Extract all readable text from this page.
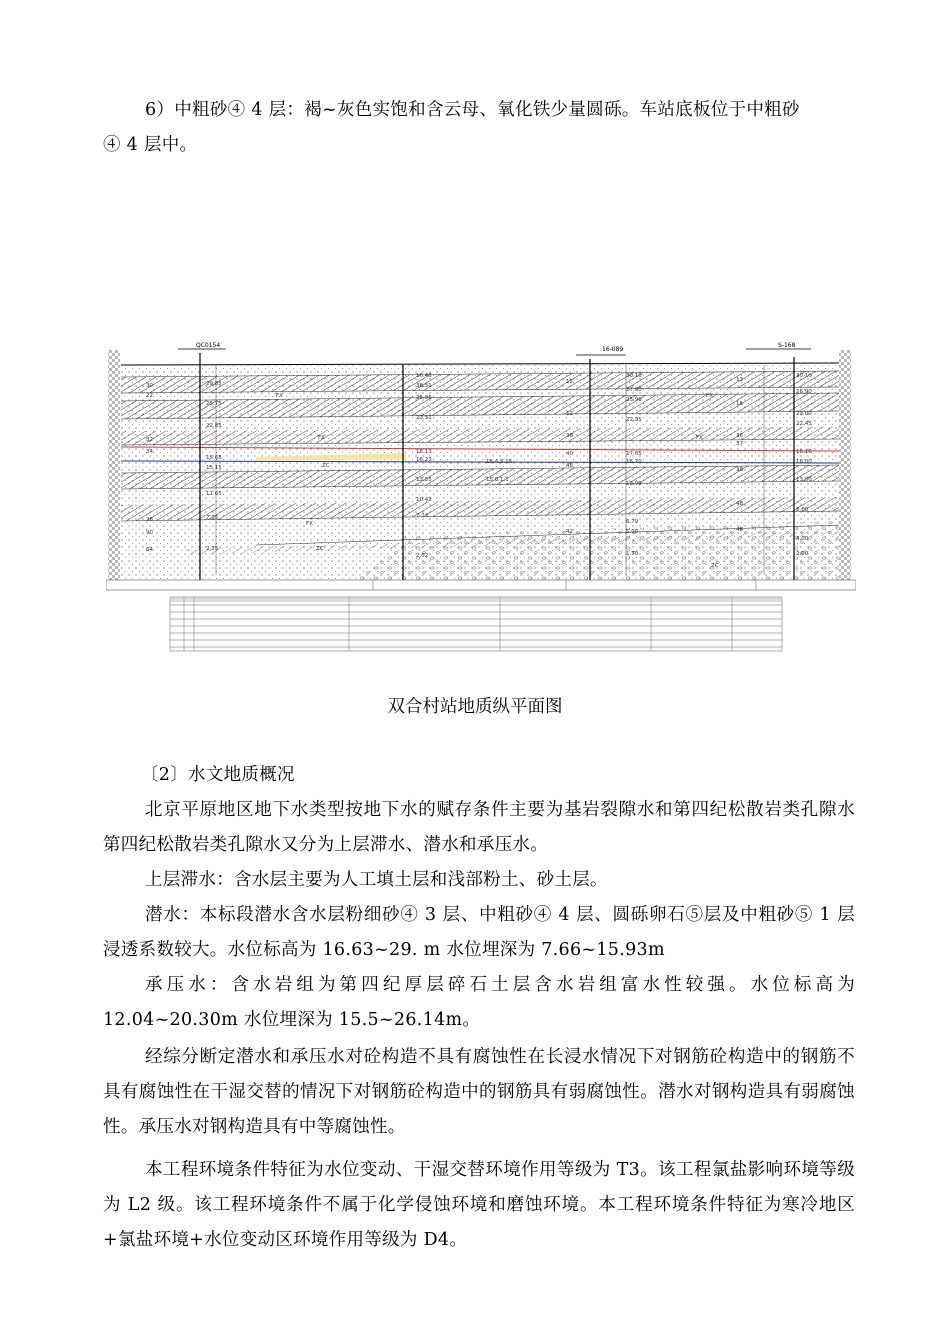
6）中粗砂④ 4 层：褐~灰色实饱和含云母、氧化铁少量圆砾。车站底板位于中粗砂
④ 4 层中。

QC0154
16-089
S-168
29.85
25.75
22.85
15.65
15.15
11.65
7.35
2.25
30
22
32
34
28
90
64
16.43
38.51
25.06
23.51
16.13
16.23
13.55
10.42
7.23
2.02
30.10
27.60
25.90
22.95
17.05
16.70
12.90
6.70
5.00
1.70
30.10
26.90
23.00
22.45
16.16
16.00
13.50
8.60
4.00
2.00
12
12
38
40
46
42
13
16
36
37
38
48
48
FX
FX
ZC
FX
ZC
FX
FX
ZC
16.4.5.15
15.6.1.1
双合村站地质纵平面图

〔2〕水文地质概况

北京平原地区地下水类型按地下水的赋存条件主要为基岩裂隙水和第四纪松散岩类孔隙水第四纪松散岩类孔隙水又分为上层滞水、潜水和承压水。

上层滞水：含水层主要为人工填土层和浅部粉土、砂土层。

潜水：本标段潜水含水层粉细砂④ 3 层、中粗砂④ 4 层、圆砾卵石⑤层及中粗砂⑤ 1 层浸透系数较大。水位标高为 16.63~29. m 水位埋深为 7.66~15.93m

承压水：含水岩组为第四纪厚层碎石土层含水岩组富水性较强。水位标高为 12.04~20.30m 水位埋深为 15.5~26.14m。

经综分断定潜水和承压水对砼构造不具有腐蚀性在长浸水情况下对钢筋砼构造中的钢筋不具有腐蚀性在干湿交替的情况下对钢筋砼构造中的钢筋具有弱腐蚀性。潜水对钢构造具有弱腐蚀性。承压水对钢构造具有中等腐蚀性。

本工程环境条件特征为水位变动、干湿交替环境作用等级为 T3。该工程氯盐影响环境等级为 L2 级。该工程环境条件不属于化学侵蚀环境和磨蚀环境。本工程环境条件特征为寒冷地区+氯盐环境+水位变动区环境作用等级为 D4。
